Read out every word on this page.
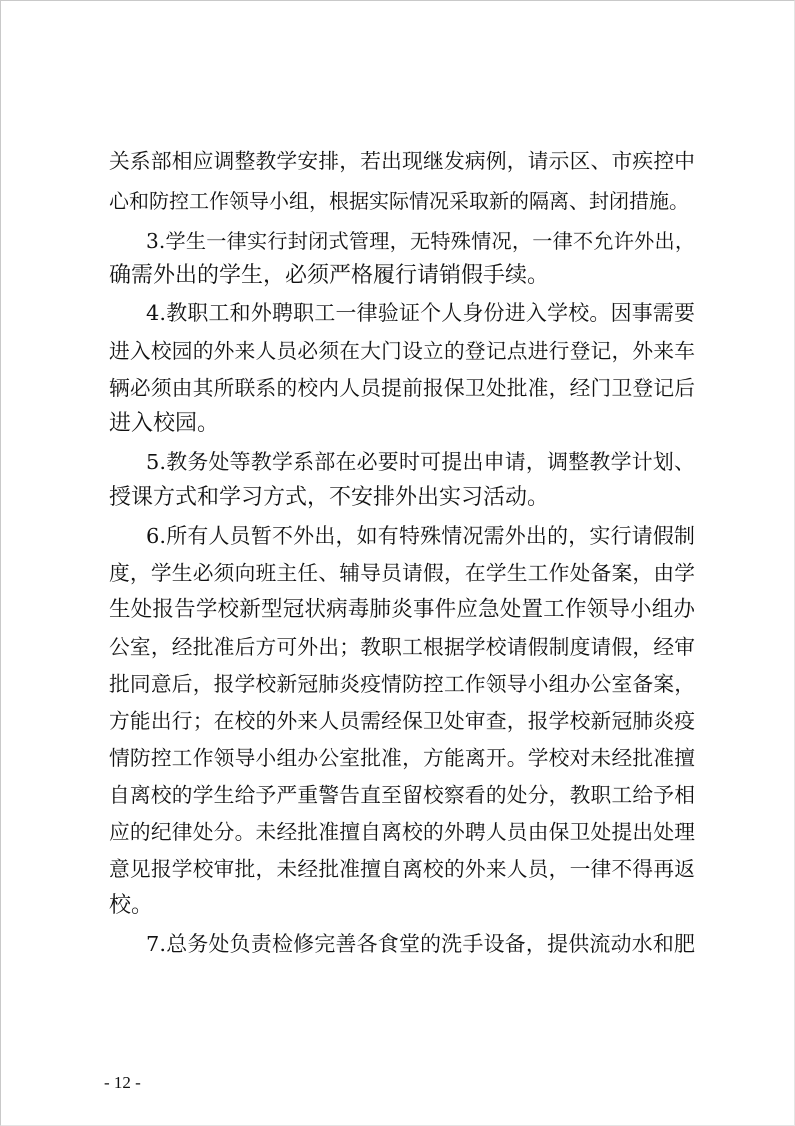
关系部相应调整教学安排，若出现继发病例，请示区、市疾控中
心和防控工作领导小组，根据实际情况采取新的隔离、封闭措施。
3.学生一律实行封闭式管理，无特殊情况，一律不允许外出，
确需外出的学生，必须严格履行请销假手续。
4.教职工和外聘职工一律验证个人身份进入学校。因事需要
进入校园的外来人员必须在大门设立的登记点进行登记，外来车
辆必须由其所联系的校内人员提前报保卫处批准，经门卫登记后
进入校园。
5.教务处等教学系部在必要时可提出申请，调整教学计划、
授课方式和学习方式，不安排外出实习活动。
6.所有人员暂不外出，如有特殊情况需外出的，实行请假制
度，学生必须向班主任、辅导员请假，在学生工作处备案，由学
生处报告学校新型冠状病毒肺炎事件应急处置工作领导小组办
公室，经批准后方可外出；教职工根据学校请假制度请假，经审
批同意后，报学校新冠肺炎疫情防控工作领导小组办公室备案，
方能出行；在校的外来人员需经保卫处审查，报学校新冠肺炎疫
情防控工作领导小组办公室批准，方能离开。学校对未经批准擅
自离校的学生给予严重警告直至留校察看的处分，教职工给予相
应的纪律处分。未经批准擅自离校的外聘人员由保卫处提出处理
意见报学校审批，未经批准擅自离校的外来人员，一律不得再返
校。
7.总务处负责检修完善各食堂的洗手设备，提供流动水和肥
- 12 -
